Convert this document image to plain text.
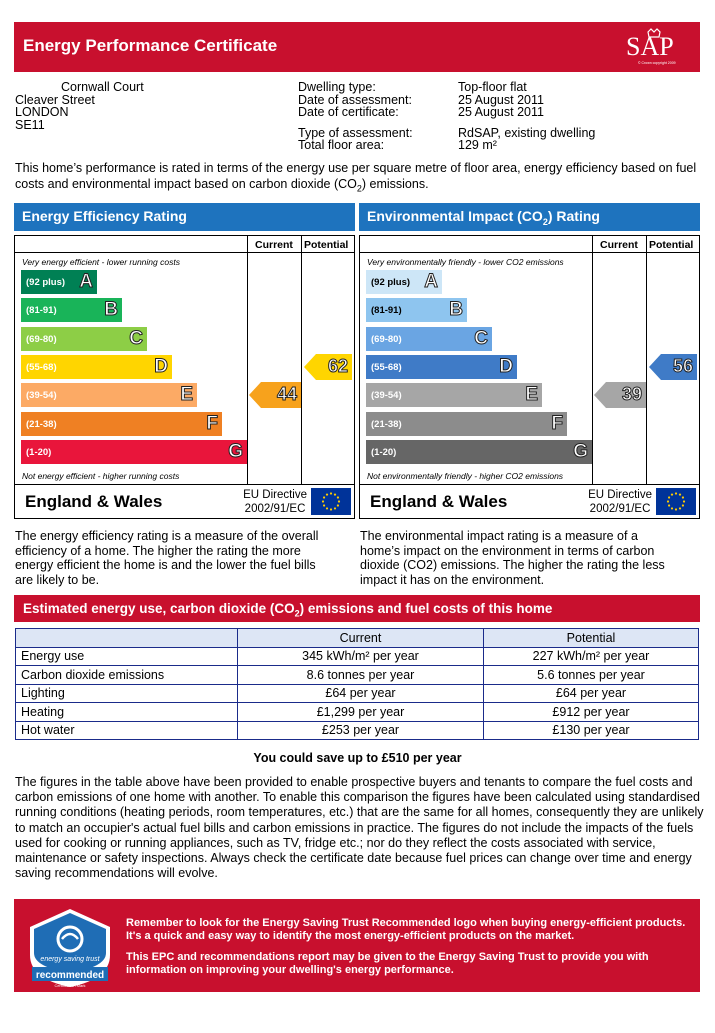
Energy Performance Certificate	SAP
© Crown copyright 2009
Cornwall Court
Cleaver Street
LONDON
SE11
Dwelling type:	Top-floor flat
Date of assessment:	25 August 2011
Date of certificate:	25 August 2011
Type of assessment:	RdSAP, existing dwelling
Total floor area:	129 m²
This home’s performance is rated in terms of the energy use per square metre of floor area, energy efficiency based on fuel costs and environmental impact based on carbon dioxide $(CO_2)$ emissions.
Energy Efficiency Rating
Current Potential
Very energy efficient - lower running costs
Not energy efficient - higher running costs
(92 plus) A
(81-91)	B
(69-80)	C
(55-68)	D
(39-54)	E
(21-38)	F
(1-20)	G
44
62
England & Wales	EU Directive
2002/91/EC
The energy efficiency rating is a measure of the overall efficiency of a home. The higher the rating the more energy efficient the home is and the lower the fuel bills are likely to be.
Environmental Impact $(CO_2)$ Rating
Current Potential
Very environmentally friendly - lower CO2 emissions
Not environmentally friendly - higher CO2 emissions
(92 plus) A
(81-91)	B
(69-80)	C
(55-68)	D
(39-54)	E
(21-38)	F
(1-20)	G
39
56
England & Wales	EU Directive
2002/91/EC
The environmental impact rating is a measure of a home’s impact on the environment in terms of carbon dioxide (CO2) emissions. The higher the rating the less impact it has on the environment.
Estimated energy use, carbon dioxide $(CO_2)$ emissions and fuel costs of this home
	Current	Potential
Energy use	345 kWh/m² per year	227 kWh/m² per year
Carbon dioxide emissions	8.6 tonnes per year	5.6 tonnes per year
Lighting	£64 per year	£64 per year
Heating	£1,299 per year	£912 per year
Hot water	£253 per year	£130 per year
You could save up to £510 per year
The figures in the table above have been provided to enable prospective buyers and tenants to compare the fuel costs and carbon emissions of one home with another. To enable this comparison the figures have been calculated using standardised running conditions (heating periods, room temperatures, etc.) that are the same for all homes, consequently they are unlikely to match an occupier's actual fuel bills and carbon emissions in practice. The figures do not include the impacts of the fuels used for cooking or running appliances, such as TV, fridge etc.; nor do they reflect the costs associated with service, maintenance or safety inspections. Always check the certificate date because fuel prices can change over time and energy saving recommendations will evolve.
energy saving trust
recommended
Certification Mark
Remember to look for the Energy Saving Trust Recommended logo when buying energy-efficient products. It's a quick and easy way to identify the most energy-efficient products on the market.
This EPC and recommendations report may be given to the Energy Saving Trust to provide you with information on improving your dwelling's energy performance.
